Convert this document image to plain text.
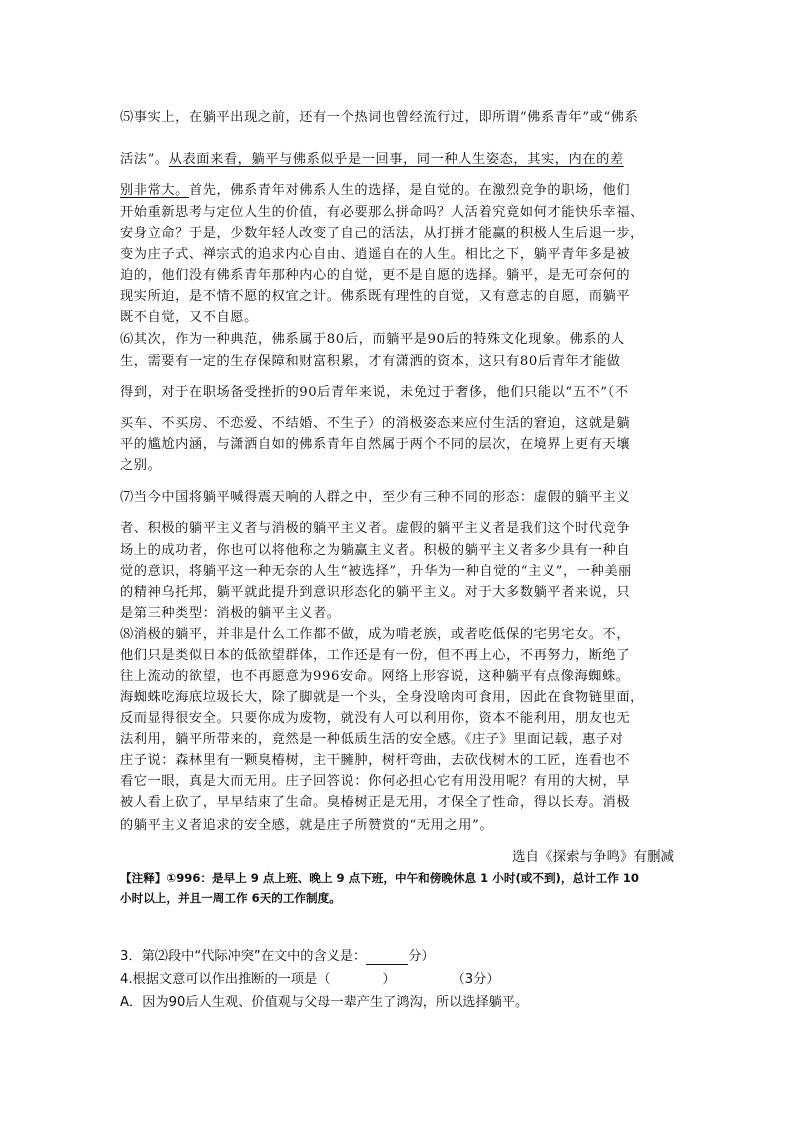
⑸事实上，在躺平出现之前，还有一个热词也曾经流行过，即所谓“佛系青年”或“佛系
活法”。从表面来看，躺平与佛系似乎是一回事，同一种人生姿态，其实，内在的差
别非常大。首先，佛系青年对佛系人生的选择，是自觉的。在激烈竞争的职场，他们
开始重新思考与定位人生的价值，有必要那么拼命吗？人活着究竟如何才能快乐幸福、
安身立命？于是，少数年轻人改变了自己的活法，从打拼才能赢的积极人生后退一步，
变为庄子式、禅宗式的追求内心自由、逍遥自在的人生。相比之下，躺平青年多是被
迫的，他们没有佛系青年那种内心的自觉，更不是自愿的选择。躺平，是无可奈何的
现实所迫，是不情不愿的权宜之计。佛系既有理性的自觉，又有意志的自愿，而躺平
既不自觉，又不自愿。
⑹其次，作为一种典范，佛系属于80后，而躺平是90后的特殊文化现象。佛系的人
生，需要有一定的生存保障和财富积累，才有潇洒的资本，这只有80后青年才能做
得到，对于在职场备受挫折的90后青年来说，未免过于奢侈，他们只能以“五不”（不
买车、不买房、不恋爱、不结婚、不生子）的消极姿态来应付生活的窘迫，这就是躺
平的尴尬内涵，与潇洒自如的佛系青年自然属于两个不同的层次，在境界上更有天壤
之别。
⑺当今中国将躺平喊得震天响的人群之中，至少有三种不同的形态：虚假的躺平主义
者、积极的躺平主义者与消极的躺平主义者。虚假的躺平主义者是我们这个时代竞争
场上的成功者，你也可以将他称之为躺赢主义者。积极的躺平主义者多少具有一种自
觉的意识，将躺平这一种无奈的人生“被选择”，升华为一种自觉的“主义”，一种美丽
的精神乌托邦，躺平就此提升到意识形态化的躺平主义。对于大多数躺平者来说，只
是第三种类型：消极的躺平主义者。
⑻消极的躺平，并非是什么工作都不做，成为啃老族，或者吃低保的宅男宅女。不，
他们只是类似日本的低欲望群体，工作还是有一份，但不再上心，不再努力，断绝了
往上流动的欲望，也不再愿意为996安命。网络上形容说，这种躺平有点像海蜘蛛。
海蜘蛛吃海底垃圾长大，除了脚就是一个头，全身没啥肉可食用，因此在食物链里面，
反而显得很安全。只要你成为废物，就没有人可以利用你，资本不能利用，朋友也无
法利用，躺平所带来的，竟然是一种低质生活的安全感。《庄子》里面记载，惠子对
庄子说：森林里有一颗臭椿树，主干臃肿，树杆弯曲，去砍伐树木的工匠，连看也不
看它一眼，真是大而无用。庄子回答说：你何必担心它有用没用呢？有用的大树，早
被人看上砍了，早早结束了生命。臭椿树正是无用，才保全了性命，得以长寿。消极
的躺平主义者追求的安全感，就是庄子所赞赏的“无用之用”。
选自《探索与争鸣》有删减
【注释】①996：是早上 9 点上班、晚上 9 点下班，中午和傍晚休息 1 小时(或不到)，总计工作 10
小时以上，并且一周工作 6天的工作制度。
3．第⑵段中“代际冲突”在文中的含义是：	分）
4.根据文意可以作出推断的一项是（	）	（3分）
A．因为90后人生观、价值观与父母一辈产生了鸿沟，所以选择躺平。
